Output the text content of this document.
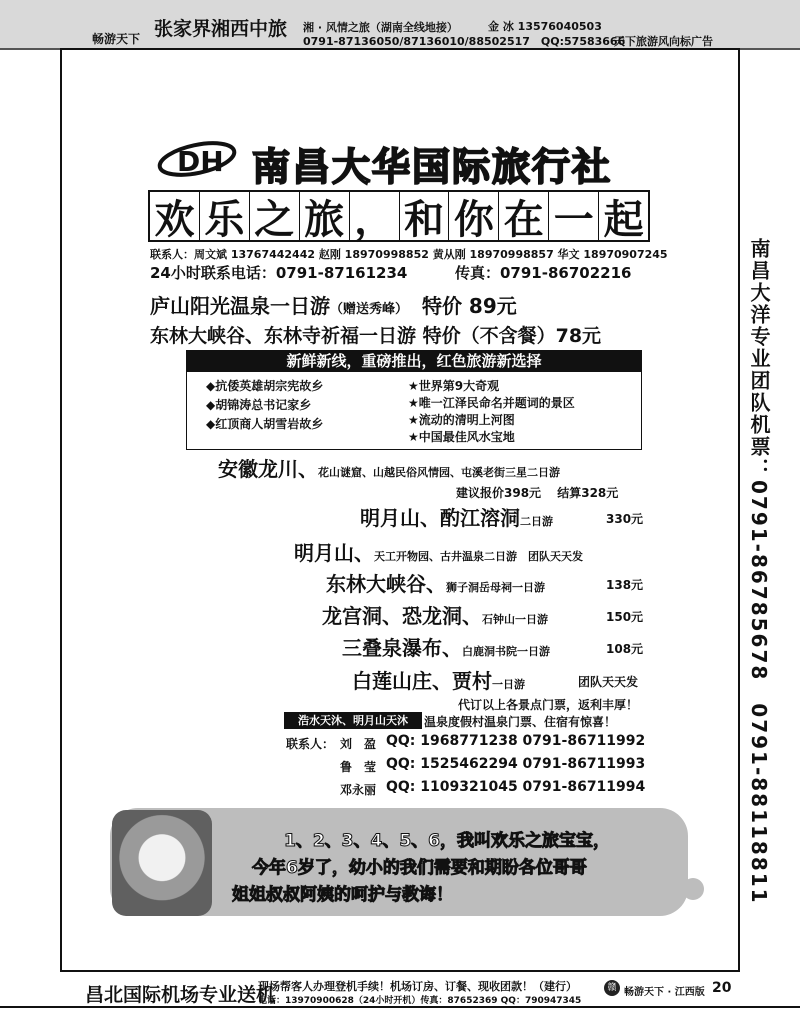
畅游天下 张家界湘西中旅 湘 · 风情之旅（湖南全线地接）	金 冰 13576040503
0791-87136050/87136010/88502517　QQ:57583666
天下旅游风向标广告
DH 南昌大华国际旅行社
欢 乐 之 旅 ， 和 你 在 一 起
联系人：周文斌 13767442442 赵刚 18970998852 黄从刚 18970998857 华文 18970907245
24小时联系电话：0791-87161234	传真：0791-86702216
庐山阳光温泉一日游（赠送秀峰） 特价 89元
东林大峡谷、东林寺祈福一日游 特价（不含餐）78元
新鲜新线，重磅推出，红色旅游新选择
◆抗倭英雄胡宗宪故乡
◆胡锦涛总书记家乡
◆红顶商人胡雪岩故乡
★世界第9大奇观
★唯一江泽民命名并题词的景区
★流动的清明上河图
★中国最佳风水宝地
安徽龙川、花山谜窟、山越民俗风情园、屯溪老街三星二日游
建议报价398元　 结算328元
明月山、酌江溶洞二日游	330元
明月山、天工开物园、古井温泉二日游　团队天天发
东林大峡谷、狮子洞岳母祠一日游	138元
龙宫洞、恐龙洞、石钟山一日游	150元
三叠泉瀑布、白鹿洞书院一日游	108元
白莲山庄、贾村一日游	团队天天发
代订以上各景点门票，返利丰厚！
浩水天沐、明月山天沐	温泉度假村温泉门票、住宿有惊喜！
联系人： 刘　盈 QQ: 1968771238 0791-86711992
鲁　莹 QQ: 1525462294 0791-86711993
邓永丽 QQ: 1109321045 0791-86711994
1、2、3、4、5、6，我叫欢乐之旅宝宝，
今年6岁了，幼小的我们需要和期盼各位哥哥
姐姐叔叔阿姨的呵护与教诲！	南昌大洋专业团队机票：0791-86785678　0791-88118811
昌北国际机场专业送机
现场帮客人办理登机手续！机场订房、订餐、现收团款！（建行）
电话：13970900628（24小时开机）传真：87652369 QQ：790947345
赣 畅游天下 · 江西版 20
